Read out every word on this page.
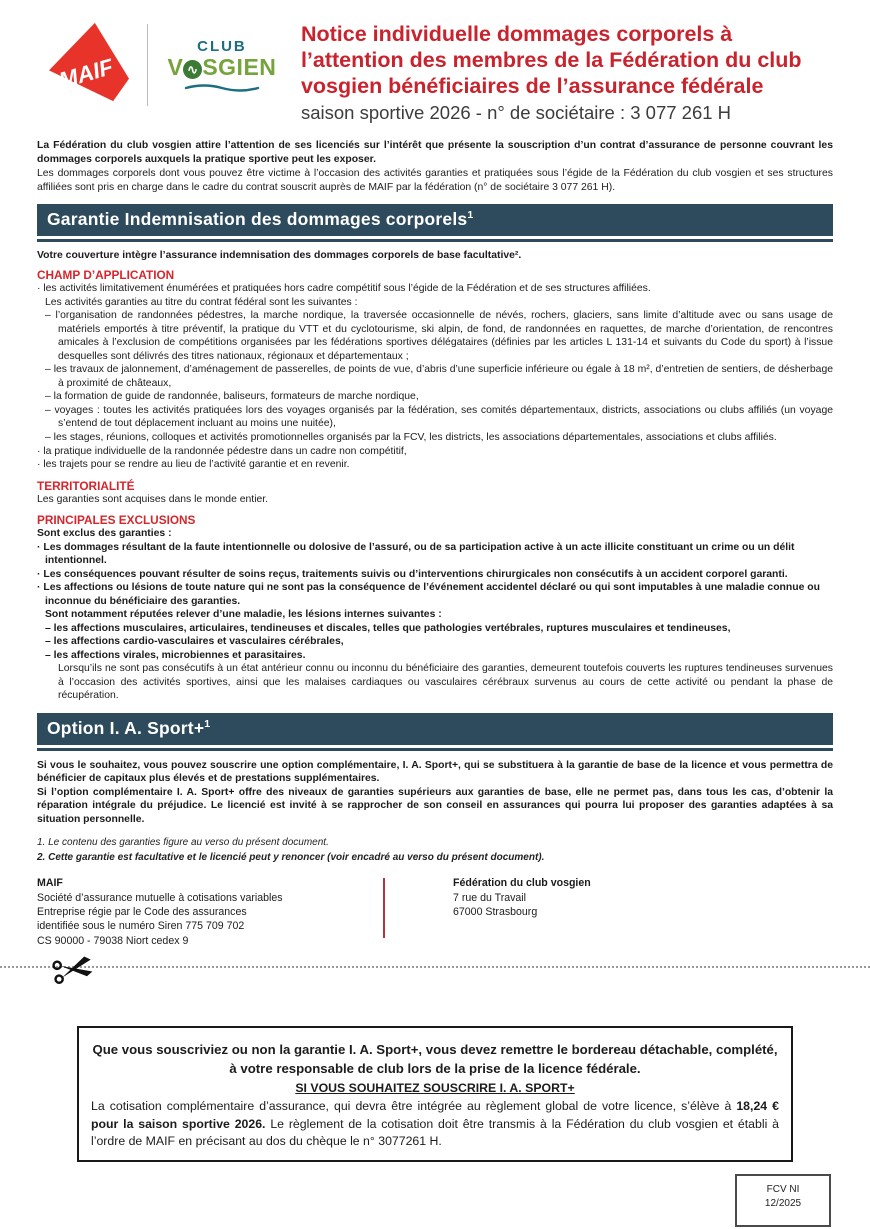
MAIF
CLUB
V ∿ SGIEN
Notice individuelle dommages corporels à l’attention des membres de la Fédération du club vosgien bénéficiaires de l’assurance fédérale
saison sportive 2026 - n° de sociétaire : 3 077 261 H
La Fédération du club vosgien attire l’attention de ses licenciés sur l’intérêt que présente la souscription d’un contrat d’assurance de personne couvrant les dommages corporels auxquels la pratique sportive peut les exposer.
Les dommages corporels dont vous pouvez être victime à l’occasion des activités garanties et pratiquées sous l’égide de la Fédération du club vosgien et ses structures affiliées sont pris en charge dans le cadre du contrat souscrit auprès de MAIF par la fédération (n° de sociétaire 3 077 261 H).
Garantie Indemnisation des dommages corporels$^1$
Votre couverture intègre l’assurance indemnisation des dommages corporels de base facultative².
CHAMP D’APPLICATION
· les activités limitativement énumérées et pratiquées hors cadre compétitif sous l’égide de la Fédération et de ses structures affiliées.
Les activités garanties au titre du contrat fédéral sont les suivantes :
– l’organisation de randonnées pédestres, la marche nordique, la traversée occasionnelle de névés, rochers, glaciers, sans limite d’altitude avec ou sans usage de matériels emportés à titre préventif, la pratique du VTT et du cyclotourisme, ski alpin, de fond, de randonnées en raquettes, de marche d’orientation, de rencontres amicales à l’exclusion de compétitions organisées par les fédérations sportives délégataires (définies par les articles L 131-14 et suivants du Code du sport) à l’issue desquelles sont délivrés des titres nationaux, régionaux et départementaux ;
– les travaux de jalonnement, d’aménagement de passerelles, de points de vue, d’abris d’une superficie inférieure ou égale à 18 m², d’entretien de sentiers, de désherbage à proximité de châteaux,
– la formation de guide de randonnée, baliseurs, formateurs de marche nordique,
– voyages : toutes les activités pratiquées lors des voyages organisés par la fédération, ses comités départementaux, districts, associations ou clubs affiliés (un voyage s’entend de tout déplacement incluant au moins une nuitée),
– les stages, réunions, colloques et activités promotionnelles organisés par la FCV, les districts, les associations départementales, associations et clubs affiliés.
· la pratique individuelle de la randonnée pédestre dans un cadre non compétitif,
· les trajets pour se rendre au lieu de l’activité garantie et en revenir.
TERRITORIALITÉ
Les garanties sont acquises dans le monde entier.
PRINCIPALES EXCLUSIONS
Sont exclus des garanties :
· Les dommages résultant de la faute intentionnelle ou dolosive de l’assuré, ou de sa participation active à un acte illicite constituant un crime ou un délit intentionnel.
· Les conséquences pouvant résulter de soins reçus, traitements suivis ou d’interventions chirurgicales non consécutifs à un accident corporel garanti.
· Les affections ou lésions de toute nature qui ne sont pas la conséquence de l’événement accidentel déclaré ou qui sont imputables à une maladie connue ou inconnue du bénéficiaire des garanties.
Sont notamment réputées relever d’une maladie, les lésions internes suivantes :
– les affections musculaires, articulaires, tendineuses et discales, telles que pathologies vertébrales, ruptures musculaires et tendineuses,
– les affections cardio-vasculaires et vasculaires cérébrales,
– les affections virales, microbiennes et parasitaires.
Lorsqu’ils ne sont pas consécutifs à un état antérieur connu ou inconnu du bénéficiaire des garanties, demeurent toutefois couverts les ruptures tendineuses survenues à l’occasion des activités sportives, ainsi que les malaises cardiaques ou vasculaires cérébraux survenus au cours de cette activité ou pendant la phase de récupération.
Option I. A. Sport+$^1$
Si vous le souhaitez, vous pouvez souscrire une option complémentaire, I. A. Sport+, qui se substituera à la garantie de base de la licence et vous permettra de bénéficier de capitaux plus élevés et de prestations supplémentaires.
Si l’option complémentaire I. A. Sport+ offre des niveaux de garanties supérieurs aux garanties de base, elle ne permet pas, dans tous les cas, d’obtenir la réparation intégrale du préjudice. Le licencié est invité à se rapprocher de son conseil en assurances qui pourra lui proposer des garanties adaptées à sa situation personnelle.
1. Le contenu des garanties figure au verso du présent document.
2. Cette garantie est facultative et le licencié peut y renoncer (voir encadré au verso du présent document).
MAIF
Société d’assurance mutuelle à cotisations variables
Entreprise régie par le Code des assurances
identifiée sous le numéro Siren 775 709 702
CS 90000 - 79038 Niort cedex 9
Fédération du club vosgien
7 rue du Travail
67000 Strasbourg
Que vous souscriviez ou non la garantie I. A. Sport+, vous devez remettre le bordereau détachable, complété, à votre responsable de club lors de la prise de la licence fédérale.
SI VOUS SOUHAITEZ SOUSCRIRE I. A. SPORT+
La cotisation complémentaire d’assurance, qui devra être intégrée au règlement global de votre licence, s’élève à 18,24 € pour la saison sportive 2026. Le règlement de la cotisation doit être transmis à la Fédération du club vosgien et établi à l’ordre de MAIF en précisant au dos du chèque le n° 3077261 H.
FCV NI
12/2025
